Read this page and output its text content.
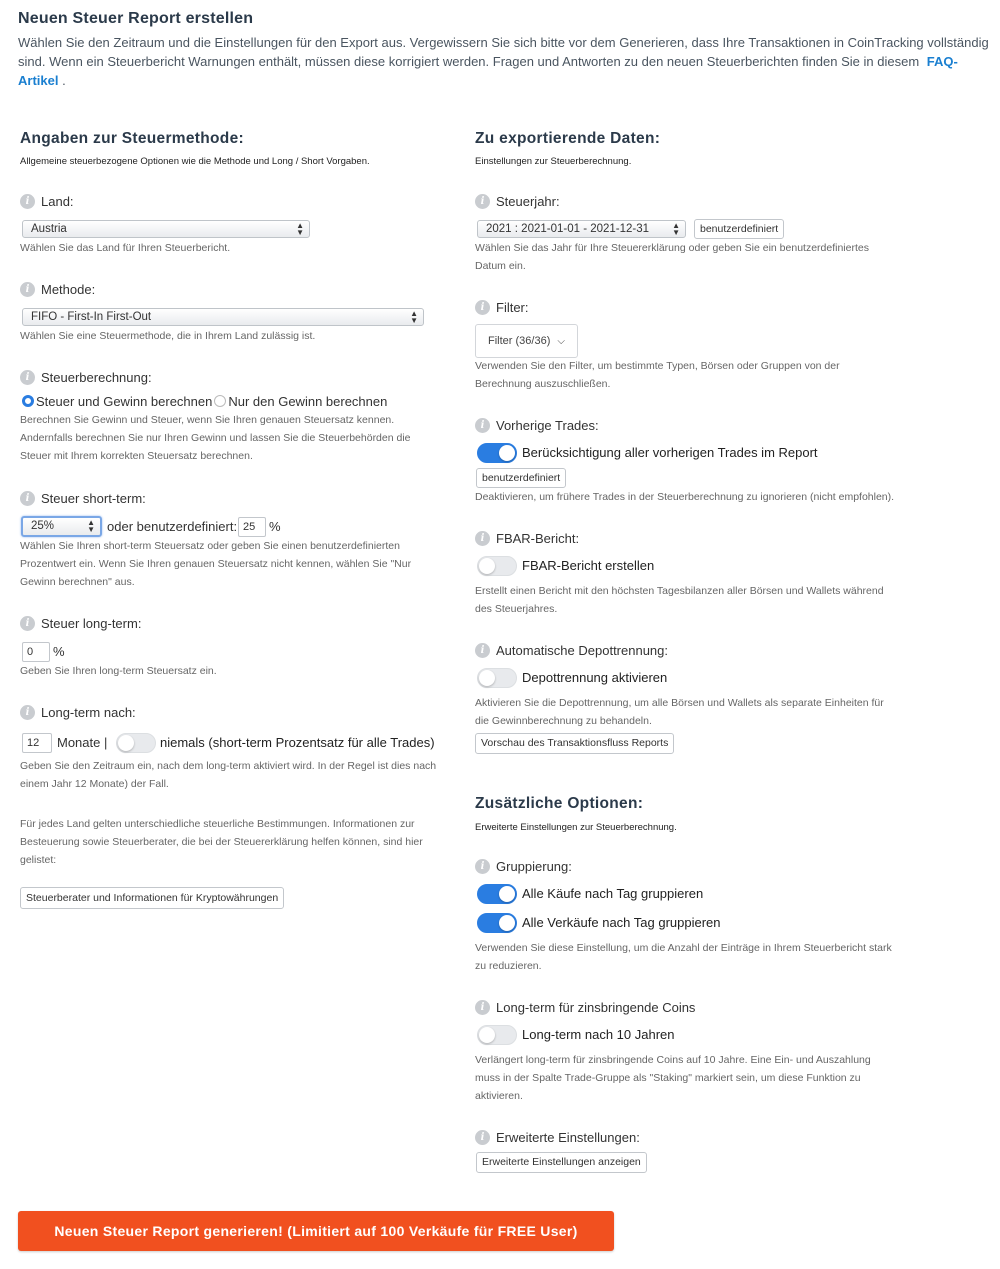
Neuen Steuer Report erstellen
Wählen Sie den Zeitraum und die Einstellungen für den Export aus. Vergewissern Sie sich bitte vor dem Generieren, dass Ihre Transaktionen in CoinTracking vollständig sind. Wenn ein Steuerbericht Warnungen enthält, müssen diese korrigiert werden. Fragen und Antworten zu den neuen Steuerberichten finden Sie in diesem FAQ-Artikel .
Angaben zur Steuermethode:
Allgemeine steuerbezogene Optionen wie die Methode und Long / Short Vorgaben.
i Land:
Austria	▲
▼
Wählen Sie das Land für Ihren Steuerbericht.
i Methode:
FIFO - First-In First-Out	▲
▼
Wählen Sie eine Steuermethode, die in Ihrem Land zulässig ist.
i Steuerberechnung:
Steuer und Gewinn berechnen Nur den Gewinn berechnen
Berechnen Sie Gewinn und Steuer, wenn Sie Ihren genauen Steuersatz kennen. Andernfalls berechnen Sie nur Ihren Gewinn und lassen Sie die Steuerbehörden die Steuer mit Ihrem korrekten Steuersatz berechnen.
i Steuer short-term:
25%	▲
▼ oder benutzerdefiniert: 25	%
Wählen Sie Ihren short-term Steuersatz oder geben Sie einen benutzerdefinierten Prozentwert ein. Wenn Sie Ihren genauen Steuersatz nicht kennen, wählen Sie "Nur Gewinn berechnen" aus.
i Steuer long-term:
0	%
Geben Sie Ihren long-term Steuersatz ein.
i Long-term nach:
12	Monate |	niemals (short-term Prozentsatz für alle Trades)
Geben Sie den Zeitraum ein, nach dem long-term aktiviert wird. In der Regel ist dies nach einem Jahr 12 Monate) der Fall.
Für jedes Land gelten unterschiedliche steuerliche Bestimmungen. Informationen zur Besteuerung sowie Steuerberater, die bei der Steuererklärung helfen können, sind hier gelistet:
Steuerberater und Informationen für Kryptowährungen
Zu exportierende Daten:
Einstellungen zur Steuerberechnung.
i Steuerjahr:
2021 : 2021-01-01 - 2021-12-31	▲
▼	benutzerdefiniert
Wählen Sie das Jahr für Ihre Steuererklärung oder geben Sie ein benutzerdefiniertes Datum ein.
i Filter:
Filter (36/36) ⌵
Verwenden Sie den Filter, um bestimmte Typen, Börsen oder Gruppen von der Berechnung auszuschließen.
i Vorherige Trades:
Berücksichtigung aller vorherigen Trades im Report
benutzerdefiniert
Deaktivieren, um frühere Trades in der Steuerberechnung zu ignorieren (nicht empfohlen).
i FBAR-Bericht:
FBAR-Bericht erstellen
Erstellt einen Bericht mit den höchsten Tagesbilanzen aller Börsen und Wallets während des Steuerjahres.
i Automatische Depottrennung:
Depottrennung aktivieren
Aktivieren Sie die Depottrennung, um alle Börsen und Wallets als separate Einheiten für die Gewinnberechnung zu behandeln.
Vorschau des Transaktionsfluss Reports
Zusätzliche Optionen:
Erweiterte Einstellungen zur Steuerberechnung.
i Gruppierung:
Alle Käufe nach Tag gruppieren
Alle Verkäufe nach Tag gruppieren
Verwenden Sie diese Einstellung, um die Anzahl der Einträge in Ihrem Steuerbericht stark zu reduzieren.
i Long-term für zinsbringende Coins
Long-term nach 10 Jahren
Verlängert long-term für zinsbringende Coins auf 10 Jahre. Eine Ein- und Auszahlung muss in der Spalte Trade-Gruppe als "Staking" markiert sein, um diese Funktion zu aktivieren.
i Erweiterte Einstellungen:
Erweiterte Einstellungen anzeigen
Neuen Steuer Report generieren! (Limitiert auf 100 Verkäufe für FREE User)
